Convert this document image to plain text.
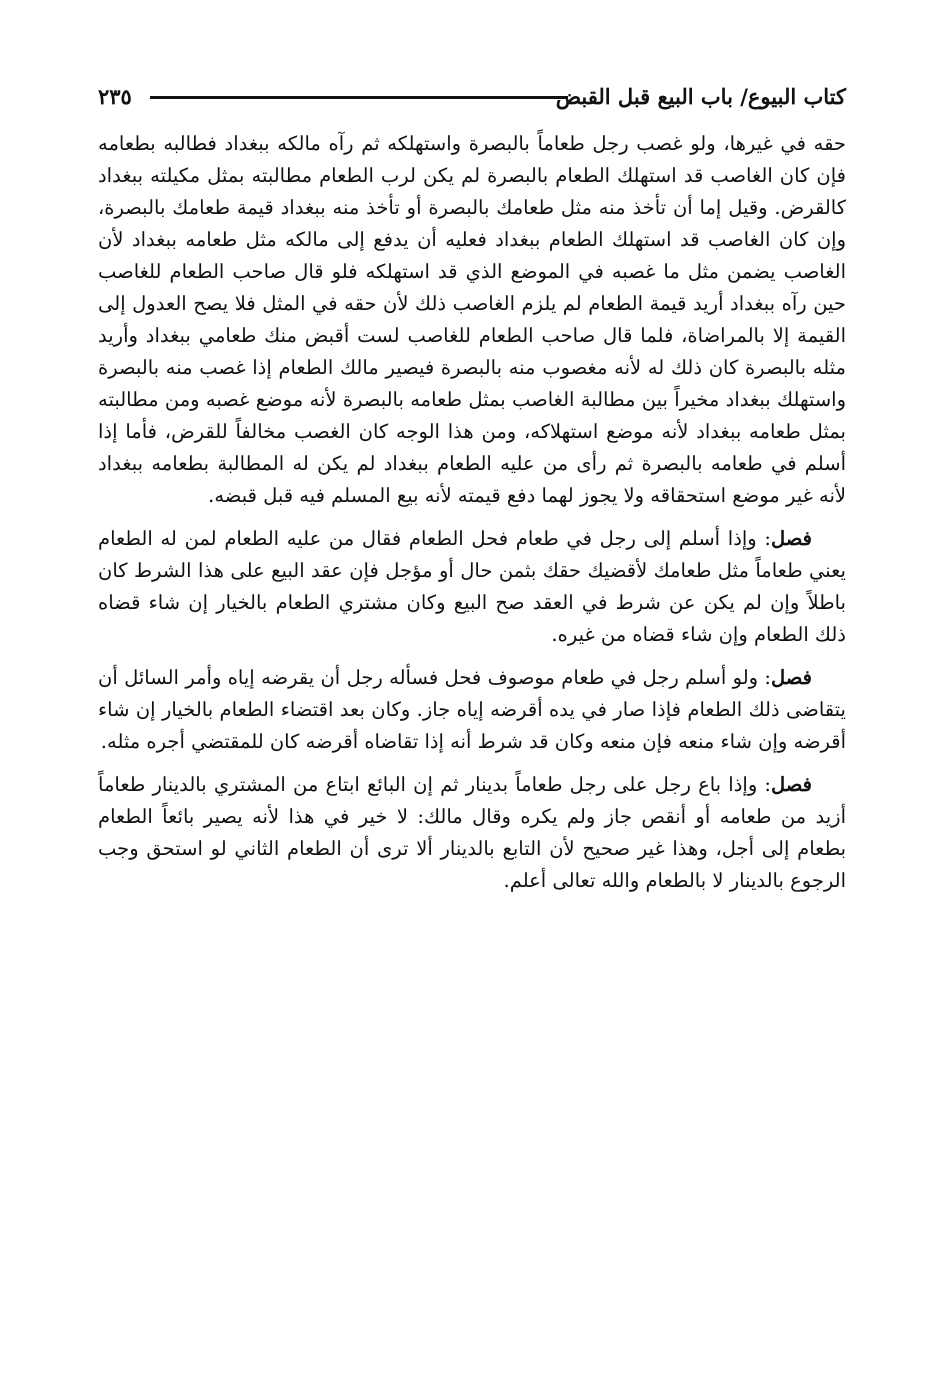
كتاب البيوع/ باب البيع قبل القبض
٢٣٥

حقه في غيرها، ولو غصب رجل طعاماً بالبصرة واستهلكه ثم رآه مالكه ببغداد فطالبه بطعامه فإن كان الغاصب قد استهلك الطعام بالبصرة لم يكن لرب الطعام مطالبته بمثل مكيلته ببغداد كالقرض. وقيل إما أن تأخذ منه مثل طعامك بالبصرة أو تأخذ منه ببغداد قيمة طعامك بالبصرة، وإن كان الغاصب قد استهلك الطعام ببغداد فعليه أن يدفع إلى مالكه مثل طعامه ببغداد لأن الغاصب يضمن مثل ما غصبه في الموضع الذي قد استهلكه فلو قال صاحب الطعام للغاصب حين رآه ببغداد أريد قيمة الطعام لم يلزم الغاصب ذلك لأن حقه في المثل فلا يصح العدول إلى القيمة إلا بالمراضاة، فلما قال صاحب الطعام للغاصب لست أقبض منك طعامي ببغداد وأريد مثله بالبصرة كان ذلك له لأنه مغصوب منه بالبصرة فيصير مالك الطعام إذا غصب منه بالبصرة واستهلك ببغداد مخيراً بين مطالبة الغاصب بمثل طعامه بالبصرة لأنه موضع غصبه ومن مطالبته بمثل طعامه ببغداد لأنه موضع استهلاكه، ومن هذا الوجه كان الغصب مخالفاً للقرض، فأما إذا أسلم في طعامه بالبصرة ثم رأى من عليه الطعام ببغداد لم يكن له المطالبة بطعامه ببغداد لأنه غير موضع استحقاقه ولا يجوز لهما دفع قيمته لأنه بيع المسلم فيه قبل قبضه.

فصل: وإذا أسلم إلى رجل في طعام فحل الطعام فقال من عليه الطعام لمن له الطعام يعني طعاماً مثل طعامك لأقضيك حقك بثمن حال أو مؤجل فإن عقد البيع على هذا الشرط كان باطلاً وإن لم يكن عن شرط في العقد صح البيع وكان مشتري الطعام بالخيار إن شاء قضاه ذلك الطعام وإن شاء قضاه من غيره.

فصل: ولو أسلم رجل في طعام موصوف فحل فسأله رجل أن يقرضه إياه وأمر السائل أن يتقاضى ذلك الطعام فإذا صار في يده أقرضه إياه جاز. وكان بعد اقتضاء الطعام بالخيار إن شاء أقرضه وإن شاء منعه فإن منعه وكان قد شرط أنه إذا تقاضاه أقرضه كان للمقتضي أجره مثله.

فصل: وإذا باع رجل على رجل طعاماً بدينار ثم إن البائع ابتاع من المشتري بالدينار طعاماً أزيد من طعامه أو أنقص جاز ولم يكره وقال مالك: لا خير في هذا لأنه يصير بائعاً الطعام بطعام إلى أجل، وهذا غير صحيح لأن التابع بالدينار ألا ترى أن الطعام الثاني لو استحق وجب الرجوع بالدينار لا بالطعام والله تعالى أعلم.
